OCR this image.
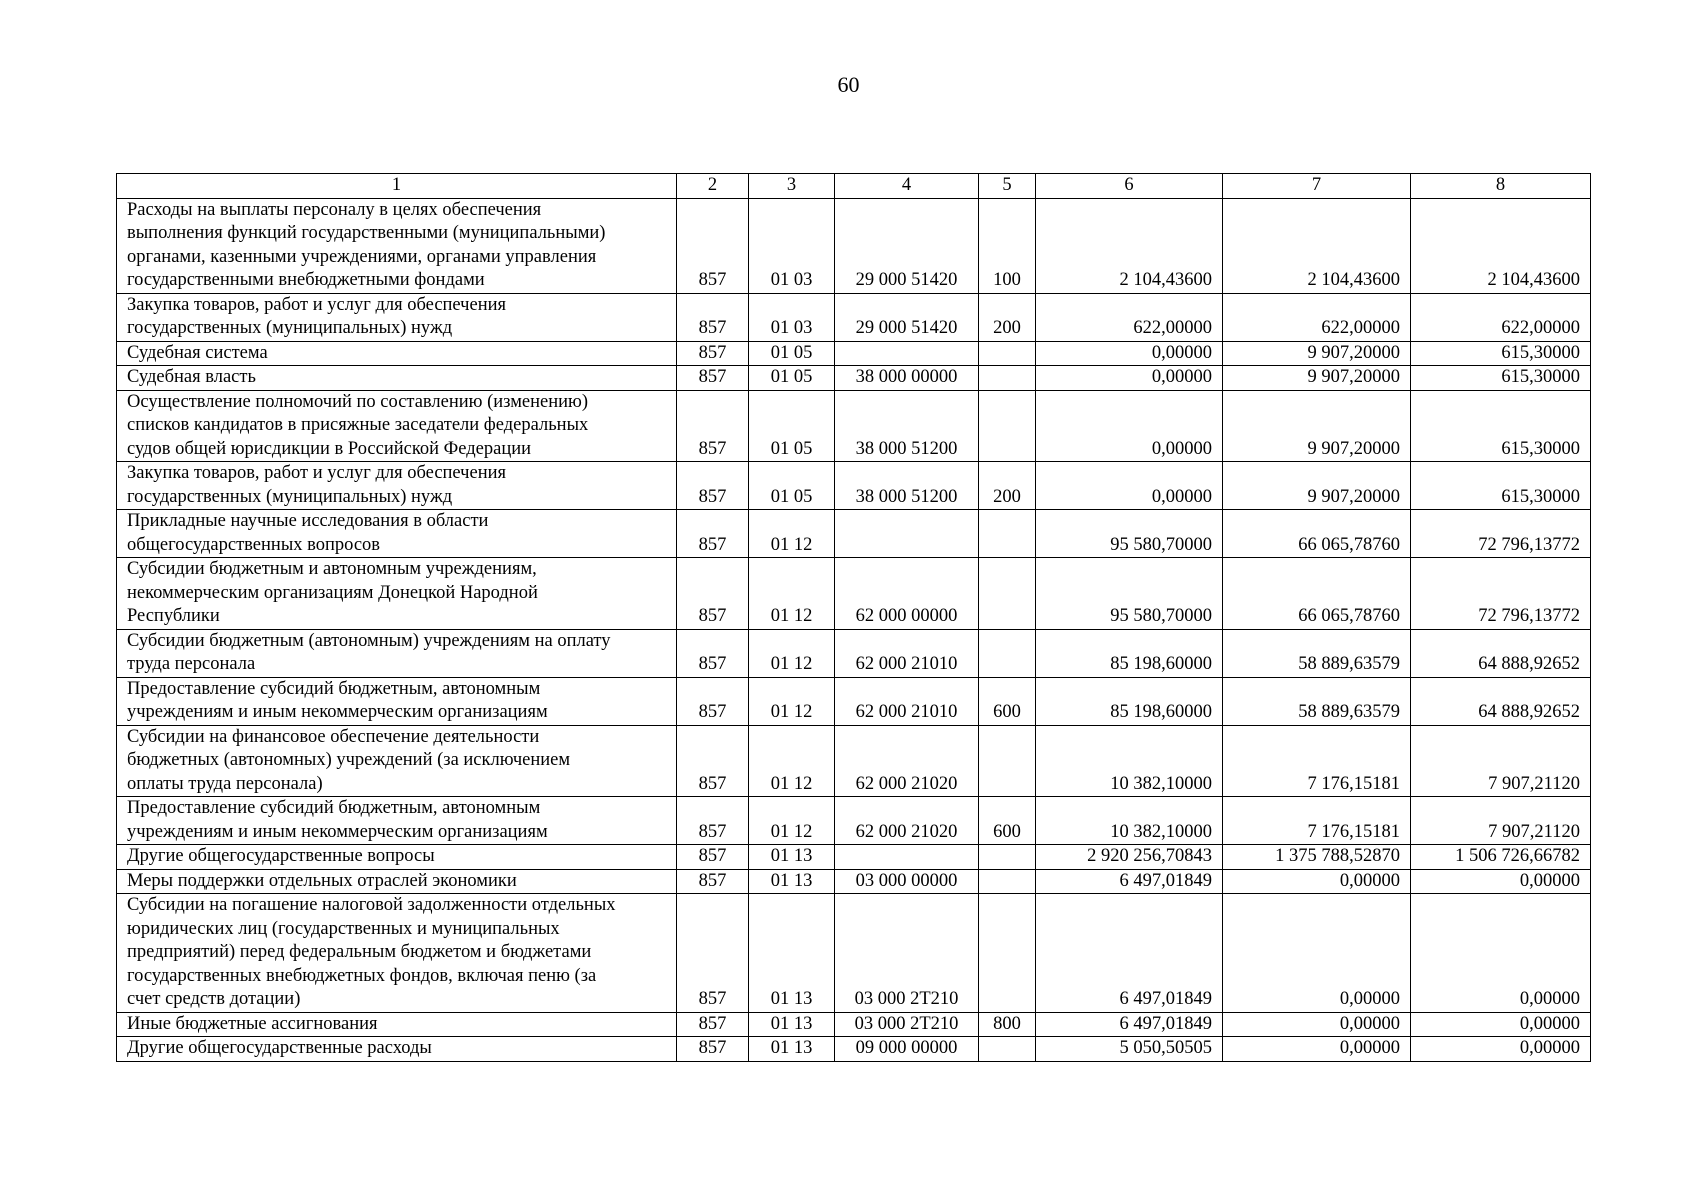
60
1	2	3	4	5	6	7	8
Расходы на выплаты персоналу в целях обеспечения
выполнения функций государственными (муниципальными)
органами, казенными учреждениями, органами управления
государственными внебюджетными фондами	857	01 03	29 000 51420	100	2 104,43600	2 104,43600	2 104,43600
Закупка товаров, работ и услуг для обеспечения
государственных (муниципальных) нужд	857	01 03	29 000 51420	200	622,00000	622,00000	622,00000
Судебная система	857	01 05			0,00000	9 907,20000	615,30000
Судебная власть	857	01 05	38 000 00000		0,00000	9 907,20000	615,30000
Осуществление полномочий по составлению (изменению)
списков кандидатов в присяжные заседатели федеральных
судов общей юрисдикции в Российской Федерации	857	01 05	38 000 51200		0,00000	9 907,20000	615,30000
Закупка товаров, работ и услуг для обеспечения
государственных (муниципальных) нужд	857	01 05	38 000 51200	200	0,00000	9 907,20000	615,30000
Прикладные научные исследования в области
общегосударственных вопросов	857	01 12			95 580,70000	66 065,78760	72 796,13772
Субсидии бюджетным и автономным учреждениям,
некоммерческим организациям Донецкой Народной
Республики	857	01 12	62 000 00000		95 580,70000	66 065,78760	72 796,13772
Субсидии бюджетным (автономным) учреждениям на оплату
труда персонала	857	01 12	62 000 21010		85 198,60000	58 889,63579	64 888,92652
Предоставление субсидий бюджетным, автономным
учреждениям и иным некоммерческим организациям	857	01 12	62 000 21010	600	85 198,60000	58 889,63579	64 888,92652
Субсидии на финансовое обеспечение деятельности
бюджетных (автономных) учреждений (за исключением
оплаты труда персонала)	857	01 12	62 000 21020		10 382,10000	7 176,15181	7 907,21120
Предоставление субсидий бюджетным, автономным
учреждениям и иным некоммерческим организациям	857	01 12	62 000 21020	600	10 382,10000	7 176,15181	7 907,21120
Другие общегосударственные вопросы	857	01 13			2 920 256,70843	1 375 788,52870	1 506 726,66782
Меры поддержки отдельных отраслей экономики	857	01 13	03 000 00000		6 497,01849	0,00000	0,00000
Субсидии на погашение налоговой задолженности отдельных
юридических лиц (государственных и муниципальных
предприятий) перед федеральным бюджетом и бюджетами
государственных внебюджетных фондов, включая пеню (за
счет средств дотации)	857	01 13	03 000 2Т210		6 497,01849	0,00000	0,00000
Иные бюджетные ассигнования	857	01 13	03 000 2Т210	800	6 497,01849	0,00000	0,00000
Другие общегосударственные расходы	857	01 13	09 000 00000		5 050,50505	0,00000	0,00000
